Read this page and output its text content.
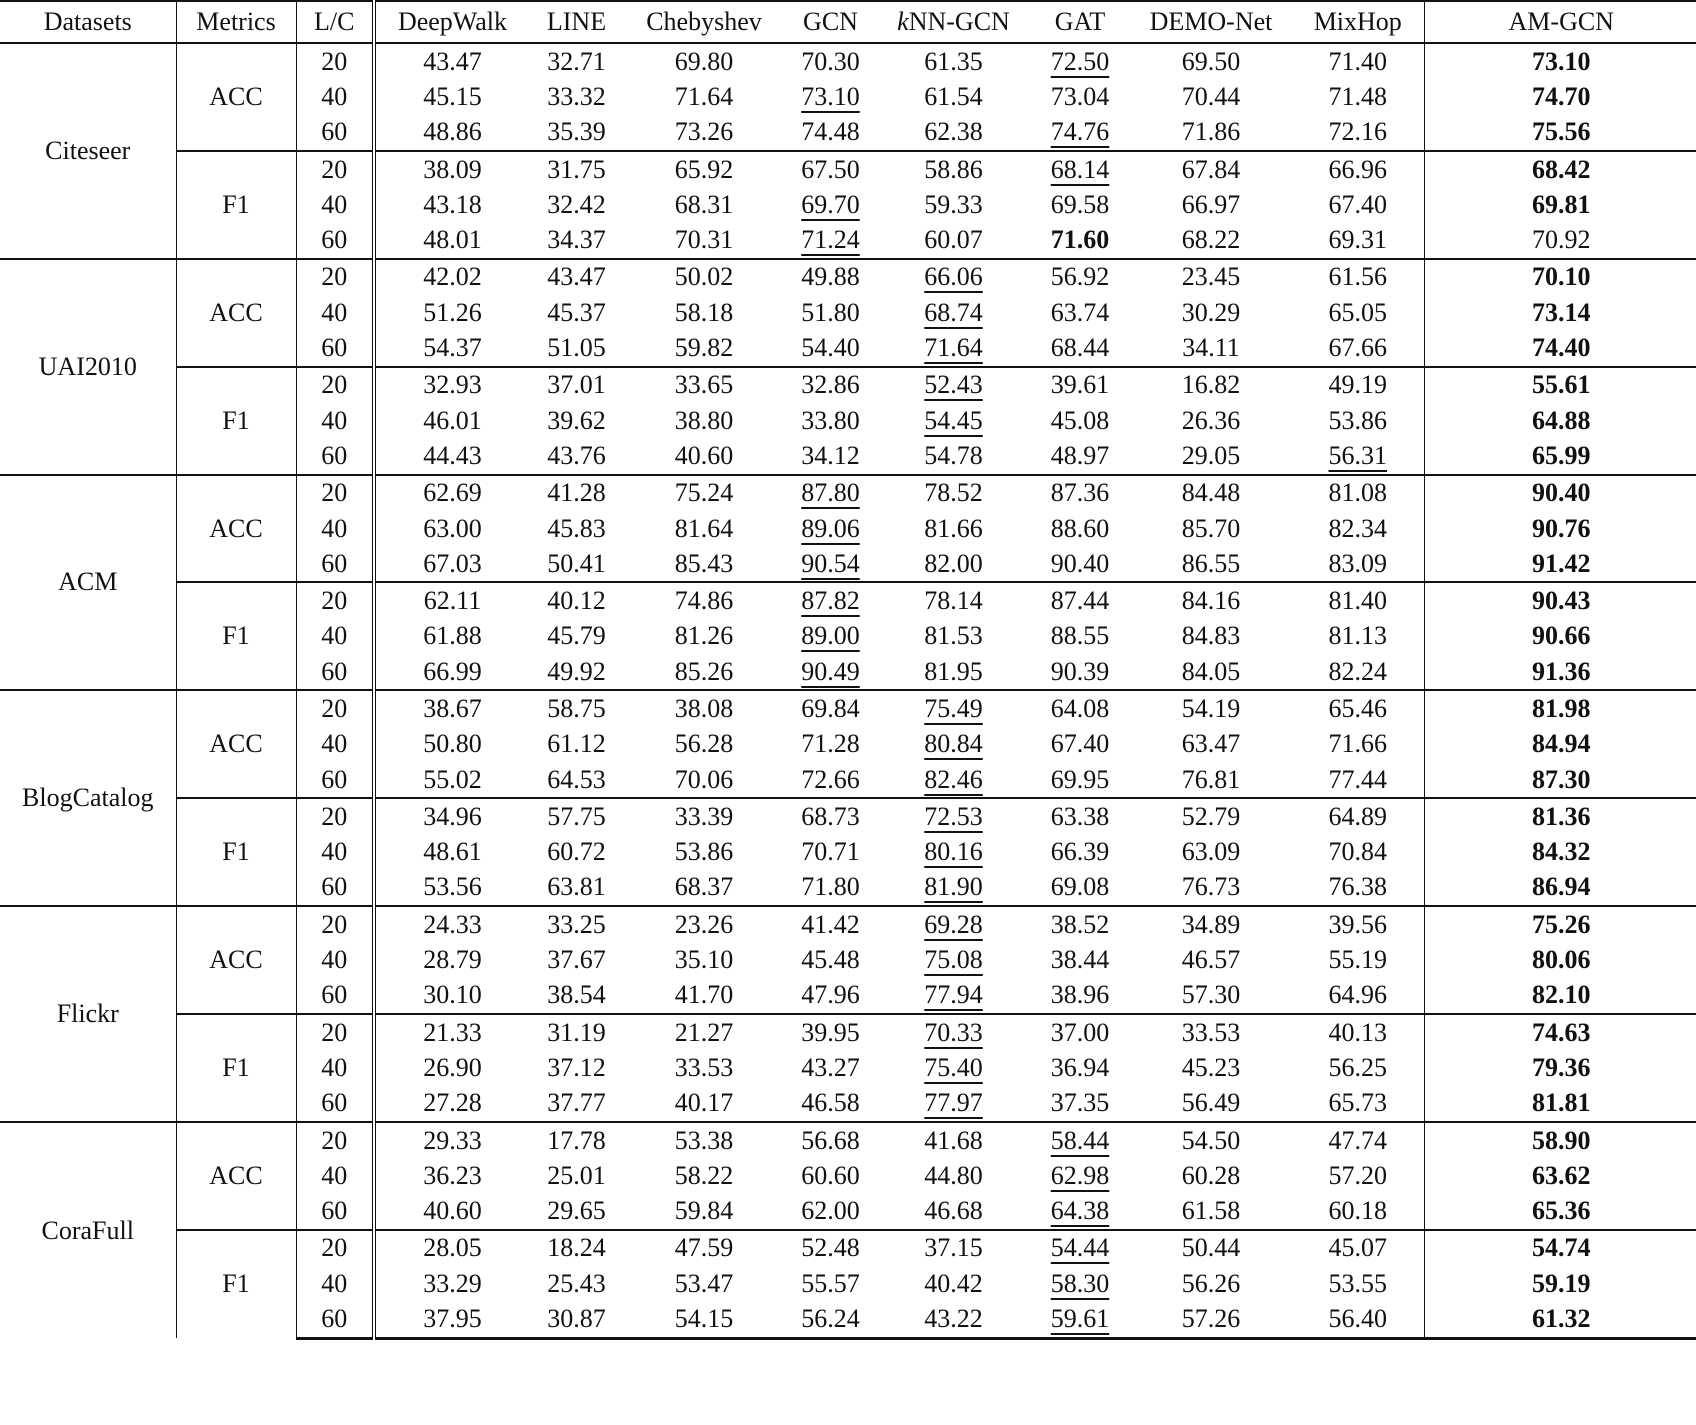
Datasets	Metrics	L/C	DeepWalk	LINE	Chebyshev	GCN	kNN-GCN	GAT	DEMO-Net	MixHop	AM-GCN
Citeseer	ACC	20	43.47	32.71	69.80	70.30	61.35	72.50	69.50	71.40	73.10
		40	45.15	33.32	71.64	73.10	61.54	73.04	70.44	71.48	74.70
		60	48.86	35.39	73.26	74.48	62.38	74.76	71.86	72.16	75.56
	F1	20	38.09	31.75	65.92	67.50	58.86	68.14	67.84	66.96	68.42
		40	43.18	32.42	68.31	69.70	59.33	69.58	66.97	67.40	69.81
		60	48.01	34.37	70.31	71.24	60.07	71.60	68.22	69.31	70.92
UAI2010	ACC	20	42.02	43.47	50.02	49.88	66.06	56.92	23.45	61.56	70.10
		40	51.26	45.37	58.18	51.80	68.74	63.74	30.29	65.05	73.14
		60	54.37	51.05	59.82	54.40	71.64	68.44	34.11	67.66	74.40
	F1	20	32.93	37.01	33.65	32.86	52.43	39.61	16.82	49.19	55.61
		40	46.01	39.62	38.80	33.80	54.45	45.08	26.36	53.86	64.88
		60	44.43	43.76	40.60	34.12	54.78	48.97	29.05	56.31	65.99
ACM	ACC	20	62.69	41.28	75.24	87.80	78.52	87.36	84.48	81.08	90.40
		40	63.00	45.83	81.64	89.06	81.66	88.60	85.70	82.34	90.76
		60	67.03	50.41	85.43	90.54	82.00	90.40	86.55	83.09	91.42
	F1	20	62.11	40.12	74.86	87.82	78.14	87.44	84.16	81.40	90.43
		40	61.88	45.79	81.26	89.00	81.53	88.55	84.83	81.13	90.66
		60	66.99	49.92	85.26	90.49	81.95	90.39	84.05	82.24	91.36
BlogCatalog	ACC	20	38.67	58.75	38.08	69.84	75.49	64.08	54.19	65.46	81.98
		40	50.80	61.12	56.28	71.28	80.84	67.40	63.47	71.66	84.94
		60	55.02	64.53	70.06	72.66	82.46	69.95	76.81	77.44	87.30
	F1	20	34.96	57.75	33.39	68.73	72.53	63.38	52.79	64.89	81.36
		40	48.61	60.72	53.86	70.71	80.16	66.39	63.09	70.84	84.32
		60	53.56	63.81	68.37	71.80	81.90	69.08	76.73	76.38	86.94
Flickr	ACC	20	24.33	33.25	23.26	41.42	69.28	38.52	34.89	39.56	75.26
		40	28.79	37.67	35.10	45.48	75.08	38.44	46.57	55.19	80.06
		60	30.10	38.54	41.70	47.96	77.94	38.96	57.30	64.96	82.10
	F1	20	21.33	31.19	21.27	39.95	70.33	37.00	33.53	40.13	74.63
		40	26.90	37.12	33.53	43.27	75.40	36.94	45.23	56.25	79.36
		60	27.28	37.77	40.17	46.58	77.97	37.35	56.49	65.73	81.81
CoraFull	ACC	20	29.33	17.78	53.38	56.68	41.68	58.44	54.50	47.74	58.90
		40	36.23	25.01	58.22	60.60	44.80	62.98	60.28	57.20	63.62
		60	40.60	29.65	59.84	62.00	46.68	64.38	61.58	60.18	65.36
	F1	20	28.05	18.24	47.59	52.48	37.15	54.44	50.44	45.07	54.74
		40	33.29	25.43	53.47	55.57	40.42	58.30	56.26	53.55	59.19
		60	37.95	30.87	54.15	56.24	43.22	59.61	57.26	56.40	61.32
